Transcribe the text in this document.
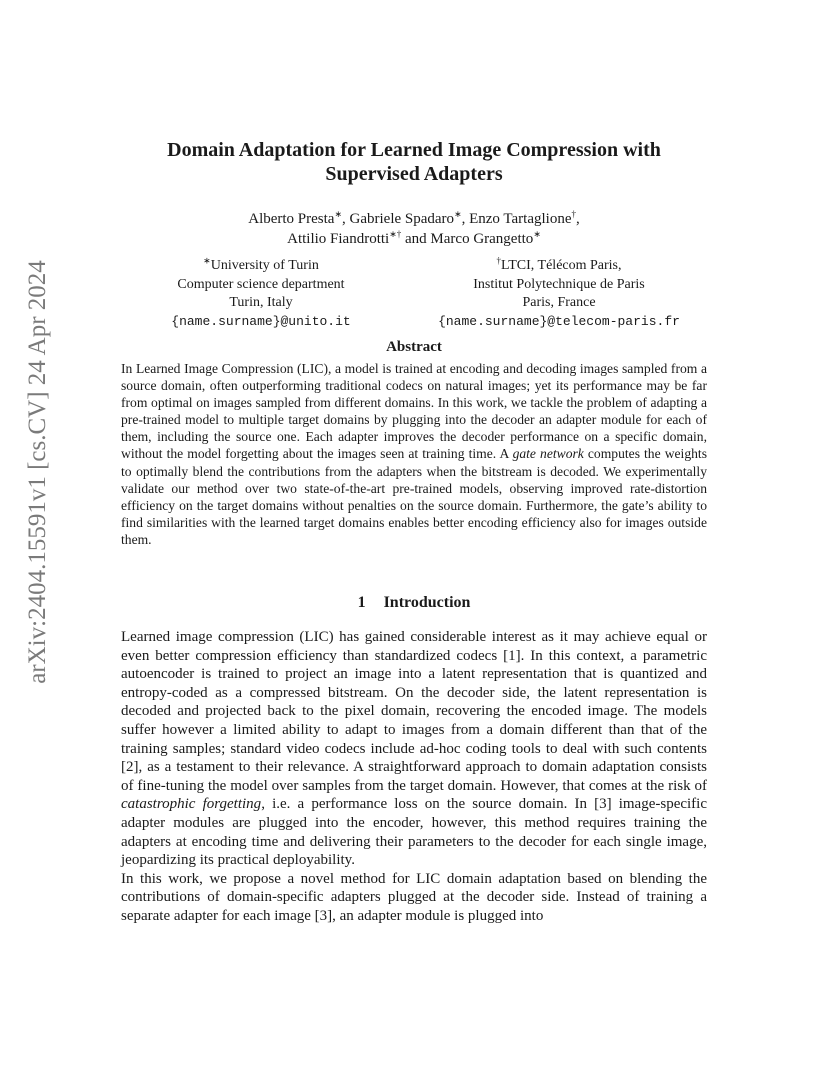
arXiv:2404.15591v1 [cs.CV] 24 Apr 2024
Domain Adaptation for Learned Image Compression with
Supervised Adapters
Alberto Presta∗, Gabriele Spadaro∗, Enzo Tartaglione†,
Attilio Fiandrotti∗† and Marco Grangetto∗
∗University of Turin
Computer science department
Turin, Italy
{name.surname}@unito.it
†LTCI, Télécom Paris,
Institut Polytechnique de Paris
Paris, France
{name.surname}@telecom-paris.fr
Abstract
In Learned Image Compression (LIC), a model is trained at encoding and decoding images sampled from a source domain, often outperforming traditional codecs on natural images; yet its performance may be far from optimal on images sampled from different domains. In this work, we tackle the problem of adapting a pre-trained model to multiple target domains by plugging into the decoder an adapter module for each of them, including the source one. Each adapter improves the decoder performance on a specific domain, without the model forgetting about the images seen at training time. A gate network computes the weights to optimally blend the contributions from the adapters when the bitstream is decoded. We experimentally validate our method over two state-of-the-art pre-trained models, observing improved rate-distortion efficiency on the target domains without penalties on the source domain. Furthermore, the gate’s ability to find similarities with the learned target domains enables better encoding efficiency also for images outside them.
1 Introduction

Learned image compression (LIC) has gained considerable interest as it may achieve equal or even better compression efficiency than standardized codecs [1]. In this context, a parametric autoencoder is trained to project an image into a latent representation that is quantized and entropy-coded as a compressed bitstream. On the decoder side, the latent representation is decoded and projected back to the pixel domain, recovering the encoded image. The models suffer however a limited ability to adapt to images from a domain different than that of the training samples; standard video codecs include ad-hoc coding tools to deal with such contents [2], as a testament to their relevance. A straightforward approach to domain adaptation consists of fine-tuning the model over samples from the target domain. However, that comes at the risk of catastrophic forgetting, i.e. a performance loss on the source domain. In [3] image-specific adapter modules are plugged into the encoder, however, this method requires training the adapters at encoding time and delivering their parameters to the decoder for each single image, jeopardizing its practical deployability.

In this work, we propose a novel method for LIC domain adaptation based on blending the contributions of domain-specific adapters plugged at the decoder side. Instead of training a separate adapter for each image [3], an adapter module is plugged into
